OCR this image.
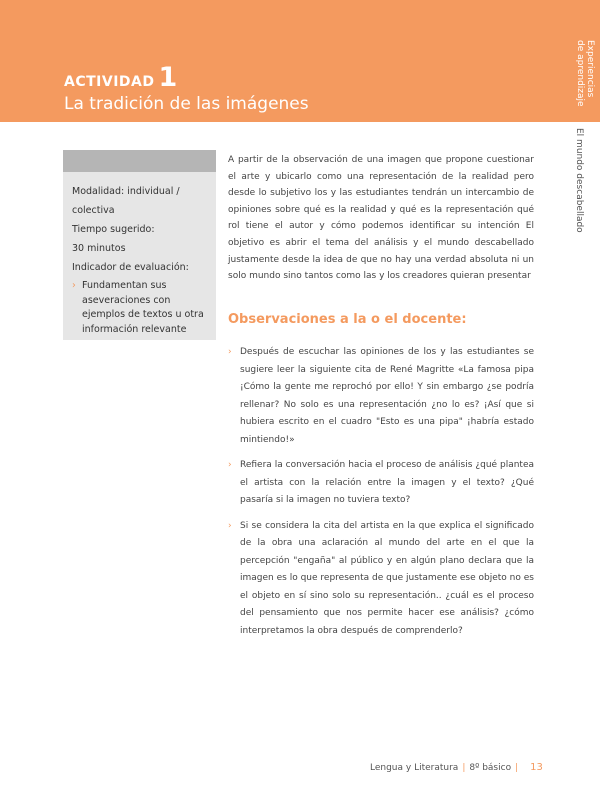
ACTIVIDAD 1
La tradición de las imágenes
Experiencias
de aprendizaje
El mundo descabellado
Modalidad: individual /
colectiva
Tiempo sugerido:
30 minutos
Indicador de evaluación:
› Fundamentan sus aseveraciones con ejemplos de textos u otra información relevante
A partir de la observación de una imagen que propone cuestionar el arte y ubicarlo como una representación de la realidad pero desde lo subjetivo los y las estudiantes tendrán un intercambio de opiniones sobre qué es la realidad y qué es la representación qué rol tiene el autor y cómo podemos identificar su intención El objetivo es abrir el tema del análisis y el mundo descabellado justamente desde la idea de que no hay una verdad absoluta ni un solo mundo sino tantos como las y los creadores quieran presentar
Observaciones a la o el docente:
› Después de escuchar las opiniones de los y las estudiantes se sugiere leer la siguiente cita de René Magritte «La famosa pipa ¡Cómo la gente me reprochó por ello! Y sin embargo ¿se podría rellenar? No solo es una representación ¿no lo es? ¡Así que si hubiera escrito en el cuadro "Esto es una pipa" ¡habría estado mintiendo!»
› Refiera la conversación hacia el proceso de análisis ¿qué plantea el artista con la relación entre la imagen y el texto? ¿Qué pasaría si la imagen no tuviera texto?
› Si se considera la cita del artista en la que explica el significado de la obra una aclaración al mundo del arte en el que la percepción "engaña" al público y en algún plano declara que la imagen es lo que representa de que justamente ese objeto no es el objeto en sí sino solo su representación.. ¿cuál es el proceso del pensamiento que nos permite hacer ese análisis? ¿cómo interpretamos la obra después de comprenderlo?
Lengua y Literatura | 8º básico | 13
